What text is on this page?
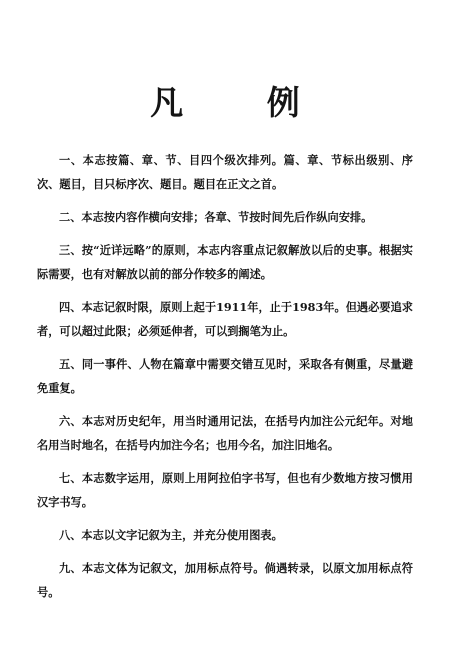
凡 例

一、本志按篇、章、节、目四个级次排列。篇、章、节标出级别、序次、题目，目只标序次、题目。题目在正文之首。

二、本志按内容作横向安排；各章、节按时间先后作纵向安排。

三、按“近详远略”的原则，本志内容重点记叙解放以后的史事。根据实际需要，也有对解放以前的部分作较多的阐述。

四、本志记叙时限，原则上起于1911年，止于1983年。但遇必要追求者，可以超过此限；必须延伸者，可以到搁笔为止。

五、同一事件、人物在篇章中需要交错互见时，采取各有侧重，尽量避免重复。

六、本志对历史纪年，用当时通用记法，在括号内加注公元纪年。对地名用当时地名，在括号内加注今名；也用今名，加注旧地名。

七、本志数字运用，原则上用阿拉伯字书写，但也有少数地方按习惯用汉字书写。

八、本志以文字记叙为主，并充分使用图表。

九、本志文体为记叙文，加用标点符号。倘遇转录，以原文加用标点符号。
